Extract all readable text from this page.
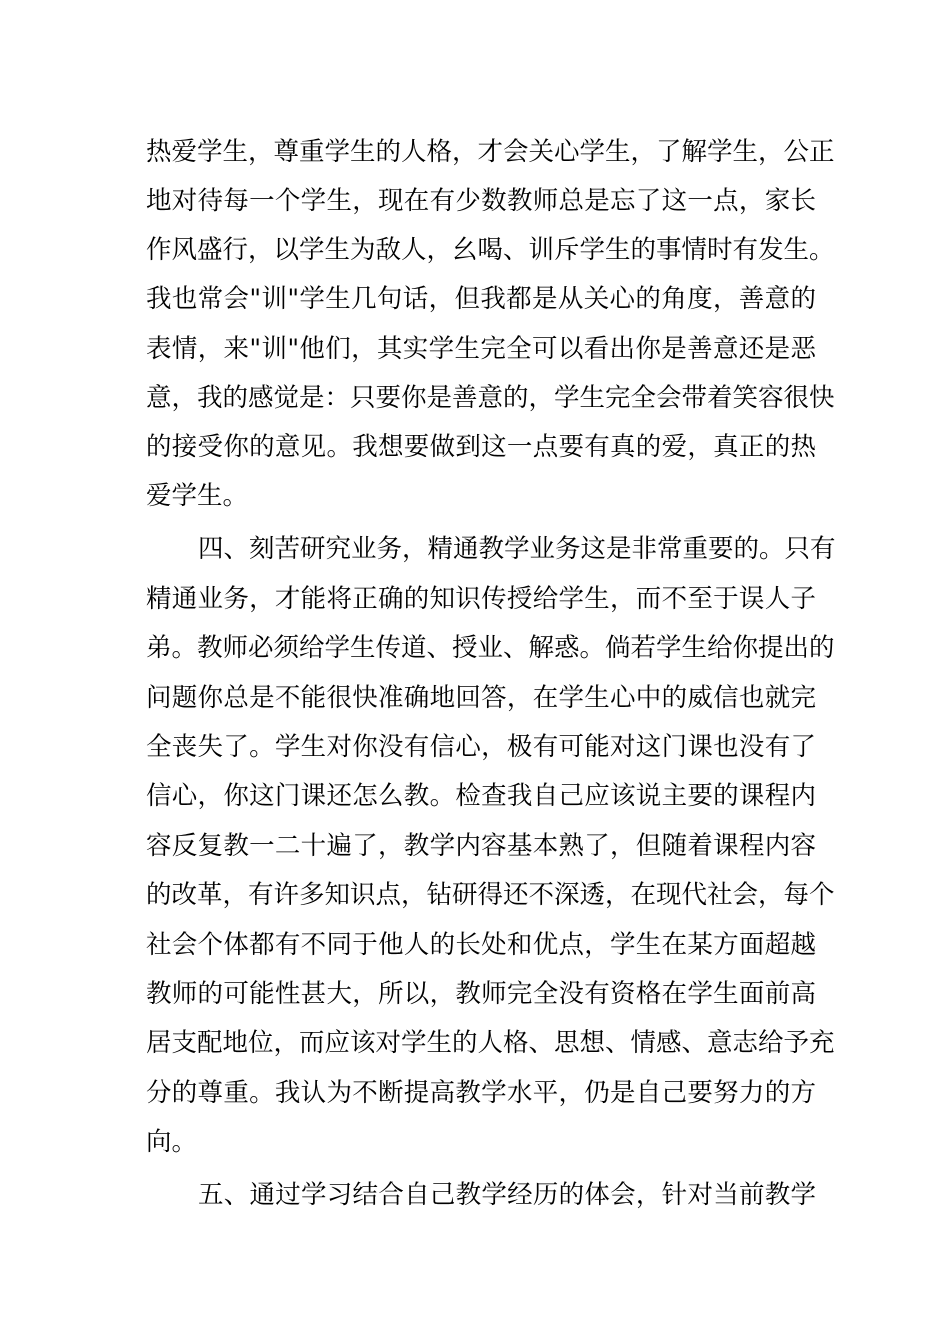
热爱学生，尊重学生的人格，才会关心学生，了解学生，公正
地对待每一个学生，现在有少数教师总是忘了这一点，家长
作风盛行，以学生为敌人，幺喝、训斥学生的事情时有发生。
我也常会"训"学生几句话，但我都是从关心的角度，善意的
表情，来"训"他们，其实学生完全可以看出你是善意还是恶
意，我的感觉是：只要你是善意的，学生完全会带着笑容很快
的接受你的意见。我想要做到这一点要有真的爱，真正的热
爱学生。
四、刻苦研究业务，精通教学业务这是非常重要的。只有
精通业务，才能将正确的知识传授给学生，而不至于误人子
弟。教师必须给学生传道、授业、解惑。倘若学生给你提出的
问题你总是不能很快准确地回答，在学生心中的威信也就完
全丧失了。学生对你没有信心，极有可能对这门课也没有了
信心，你这门课还怎么教。检查我自己应该说主要的课程内
容反复教一二十遍了，教学内容基本熟了，但随着课程内容
的改革，有许多知识点，钻研得还不深透，在现代社会，每个
社会个体都有不同于他人的长处和优点，学生在某方面超越
教师的可能性甚大，所以，教师完全没有资格在学生面前高
居支配地位，而应该对学生的人格、思想、情感、意志给予充
分的尊重。我认为不断提高教学水平，仍是自己要努力的方
向。
五、通过学习结合自己教学经历的体会，针对当前教学
